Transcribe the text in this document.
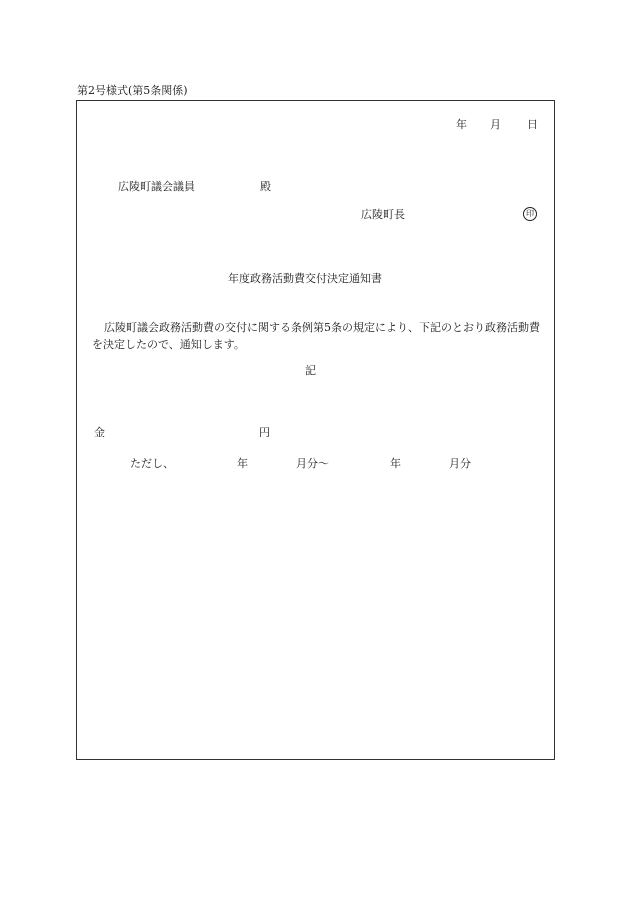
第2号様式(第5条関係)
年 月 日
広陵町議会議員	殿
広陵町長	印
年度政務活動費交付決定通知書
広陵町議会政務活動費の交付に関する条例第5条の規定により、下記のとおり政務活動費を決定したので、通知します。
記
金	円
ただし、	年	月分～	年	月分
